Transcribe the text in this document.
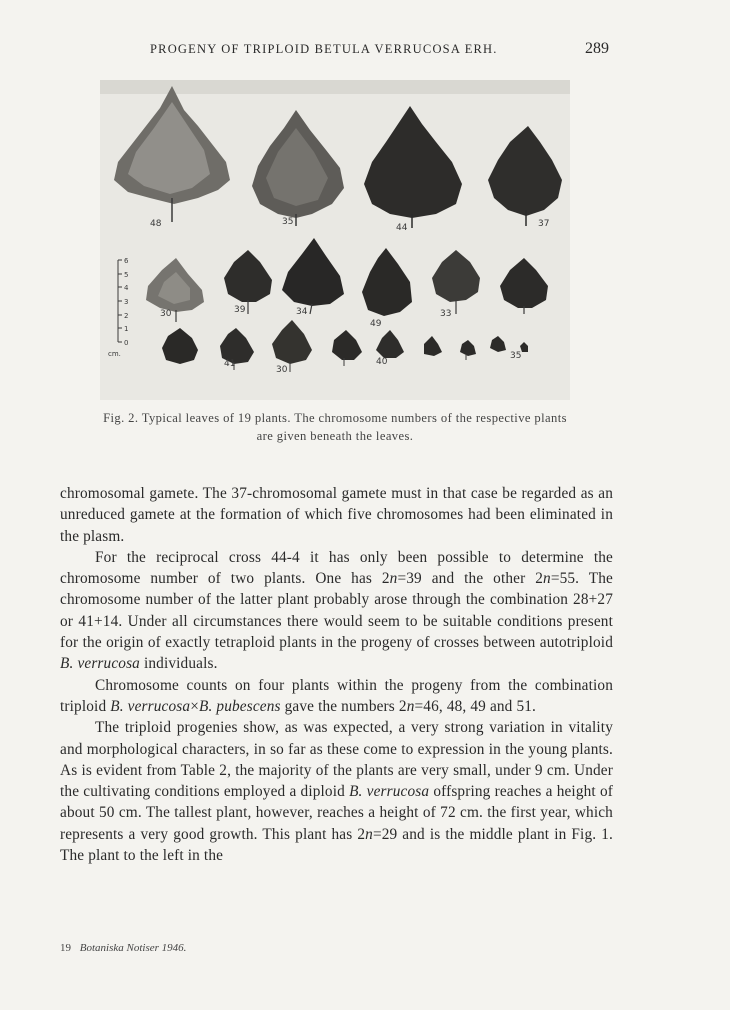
PROGENY OF TRIPLOID BETULA VERRUCOSA ERH.	289
48	35
44	37
6
5
4
3
2
1
0
cm.
30	39	34
49
33
41
30
40
35
Fig. 2. Typical leaves of 19 plants. The chromosome numbers of the respective plants are given beneath the leaves.

chromosomal gamete. The 37-chromosomal gamete must in that case be regarded as an unreduced gamete at the formation of which five chromosomes had been eliminated in the plasm.

For the reciprocal cross 44-4 it has only been possible to determine the chromosome number of two plants. One has 2n=39 and the other 2n=55. The chromosome number of the latter plant probably arose through the combination 28+27 or 41+14. Under all circumstances there would seem to be suitable conditions present for the origin of exactly tetraploid plants in the progeny of crosses between autotriploid B. verrucosa individuals.

Chromosome counts on four plants within the progeny from the combination triploid B. verrucosa×B. pubescens gave the numbers 2n=46, 48, 49 and 51.

The triploid progenies show, as was expected, a very strong variation in vitality and morphological characters, in so far as these come to expression in the young plants. As is evident from Table 2, the majority of the plants are very small, under 9 cm. Under the cultivating conditions employed a diploid B. verrucosa offspring reaches a height of about 50 cm. The tallest plant, however, reaches a height of 72 cm. the first year, which represents a very good growth. This plant has 2n=29 and is the middle plant in Fig. 1. The plant to the left in the

19 Botaniska Notiser 1946.
